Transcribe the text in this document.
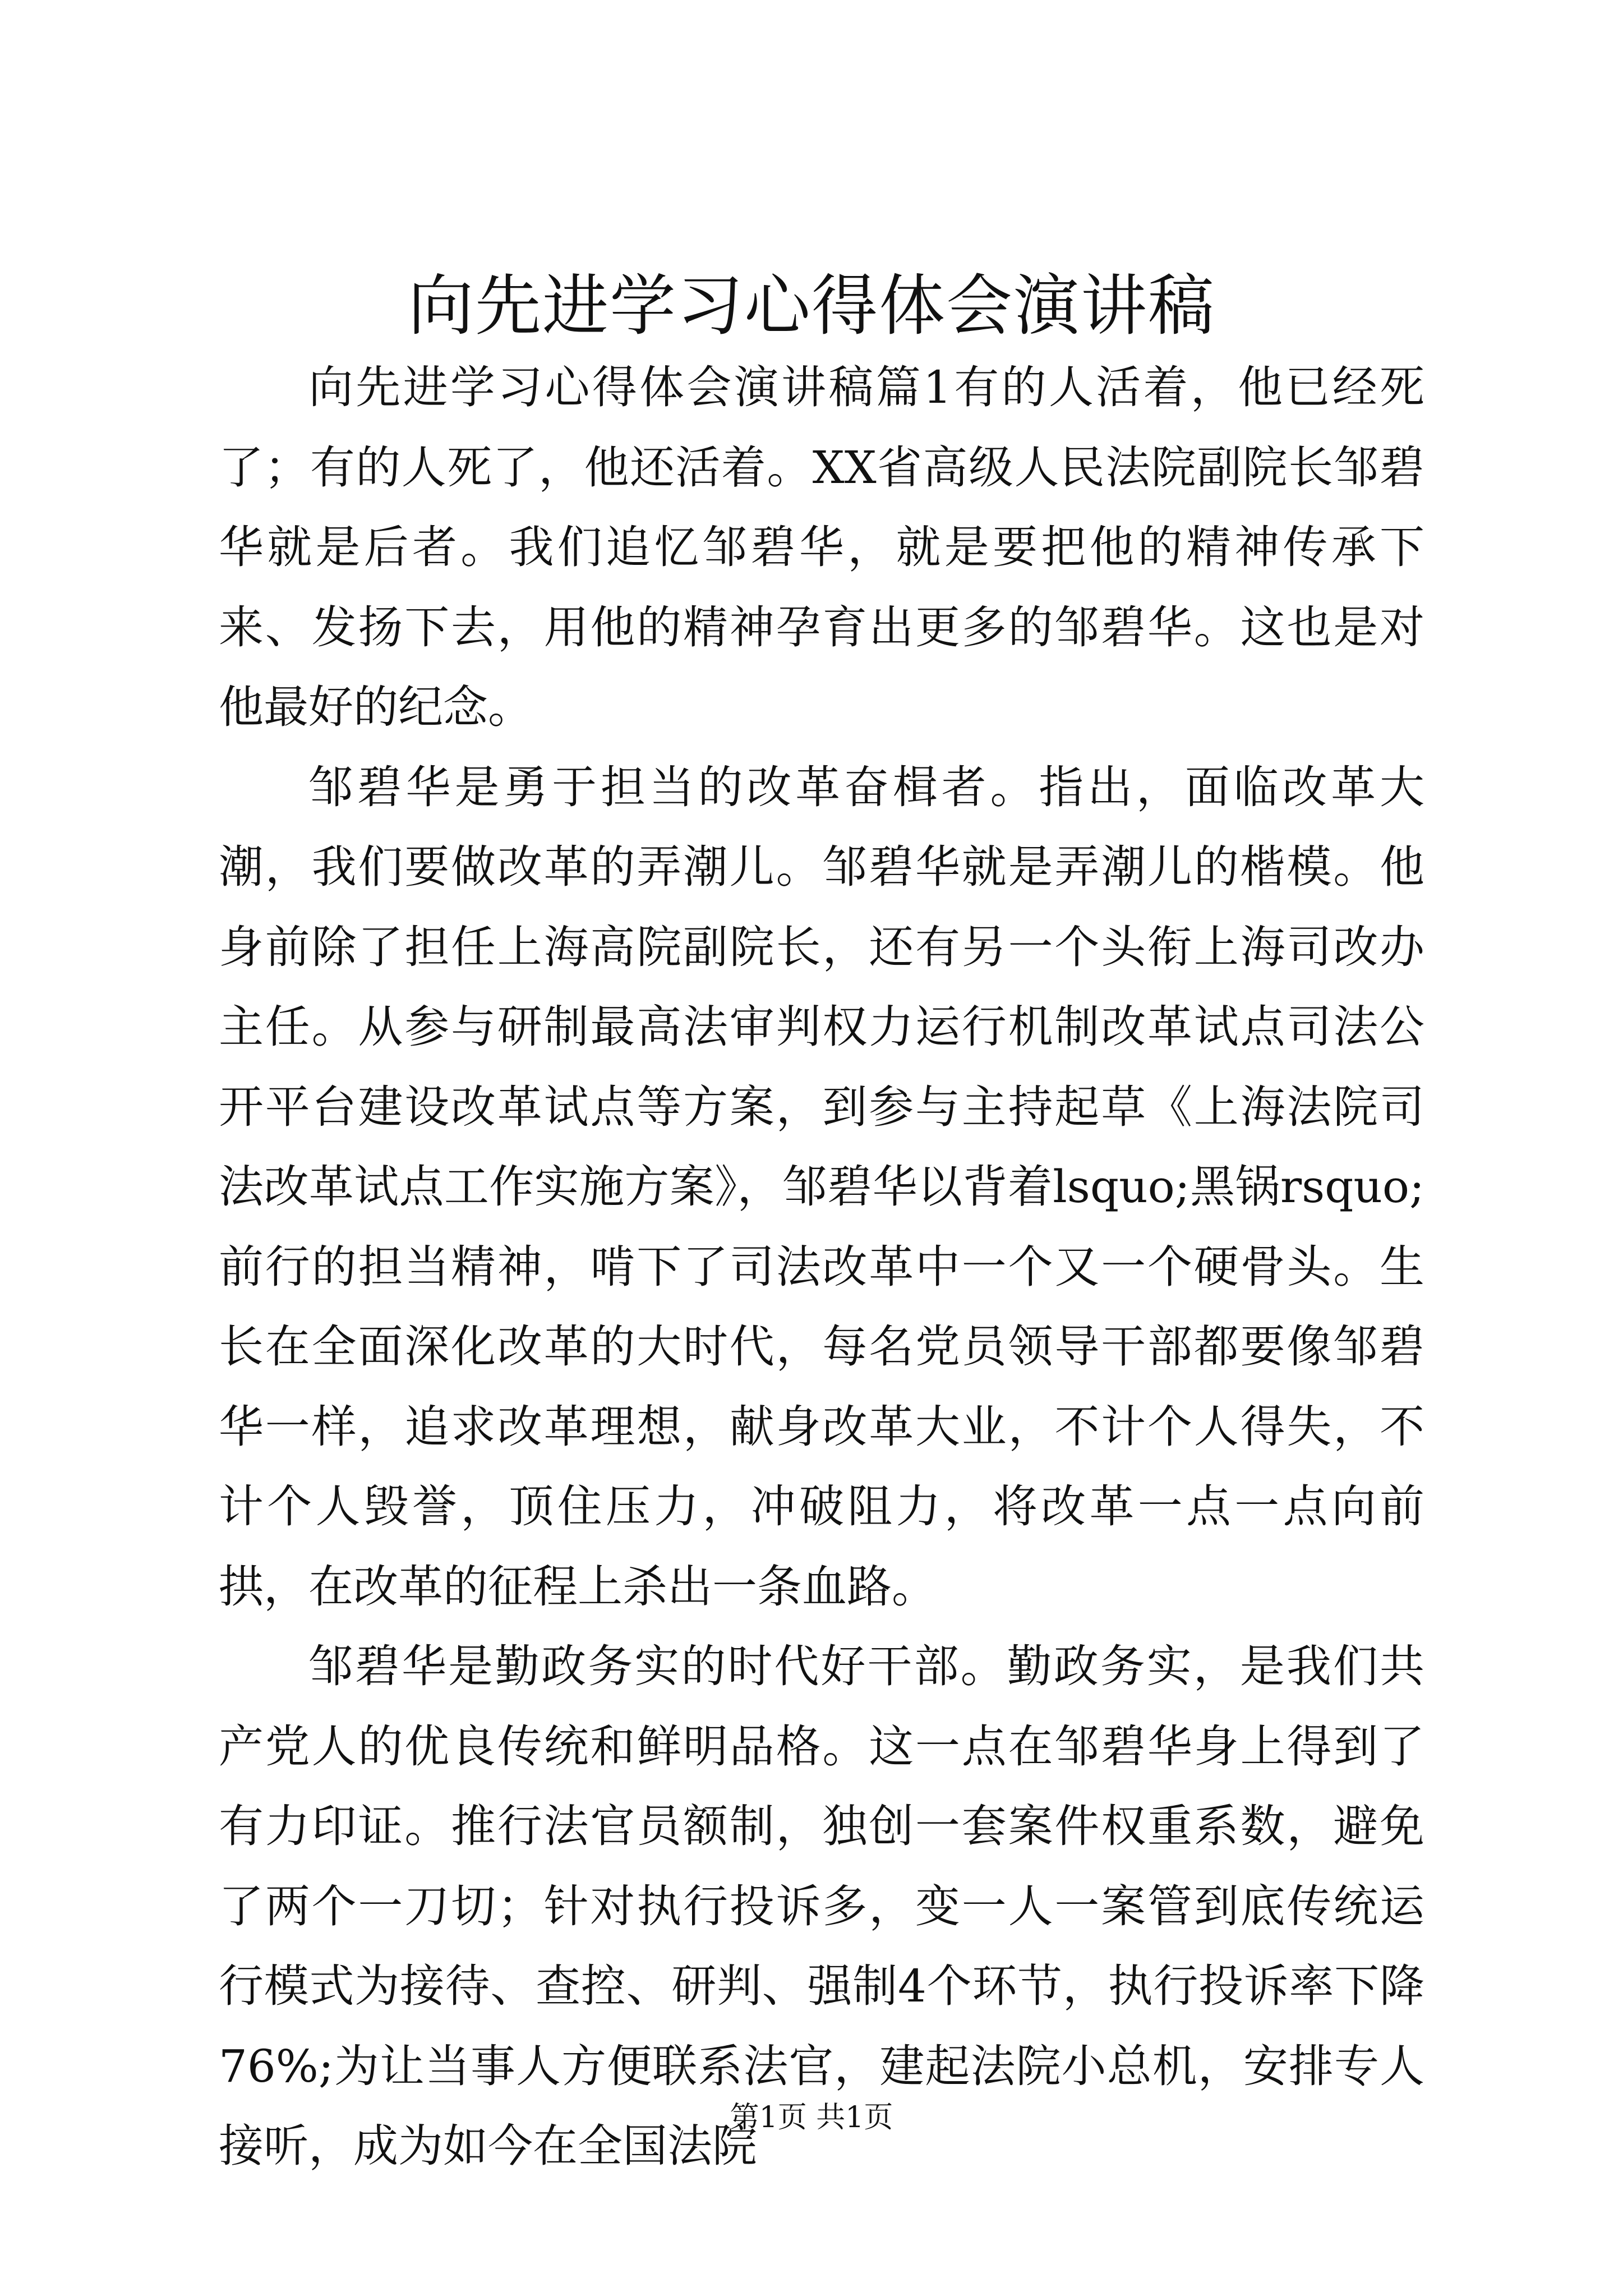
向先进学习心得体会演讲稿

向先进学习心得体会演讲稿篇1有的人活着，他已经死了；有的人死了，他还活着。XX省高级人民法院副院长邹碧华就是后者。我们追忆邹碧华，就是要把他的精神传承下来、发扬下去，用他的精神孕育出更多的邹碧华。这也是对他最好的纪念。

邹碧华是勇于担当的改革奋楫者。指出，面临改革大潮，我们要做改革的弄潮儿。邹碧华就是弄潮儿的楷模。他身前除了担任上海高院副院长，还有另一个头衔上海司改办主任。从参与研制最高法审判权力运行机制改革试点司法公开平台建设改革试点等方案，到参与主持起草《上海法院司法改革试点工作实施方案》，邹碧华以背着lsquo;黑锅rsquo;前行的担当精神，啃下了司法改革中一个又一个硬骨头。生长在全面深化改革的大时代，每名党员领导干部都要像邹碧华一样，追求改革理想，献身改革大业，不计个人得失，不计个人毁誉，顶住压力，冲破阻力，将改革一点一点向前拱，在改革的征程上杀出一条血路。

邹碧华是勤政务实的时代好干部。勤政务实，是我们共产党人的优良传统和鲜明品格。这一点在邹碧华身上得到了有力印证。推行法官员额制，独创一套案件权重系数，避免了两个一刀切；针对执行投诉多，变一人一案管到底传统运行模式为接待、查控、研判、强制4个环节，执行投诉率下降76%;为让当事人方便联系法官，建起法院小总机，安排专人接听，成为如今在全国法院

第1页 共1页
